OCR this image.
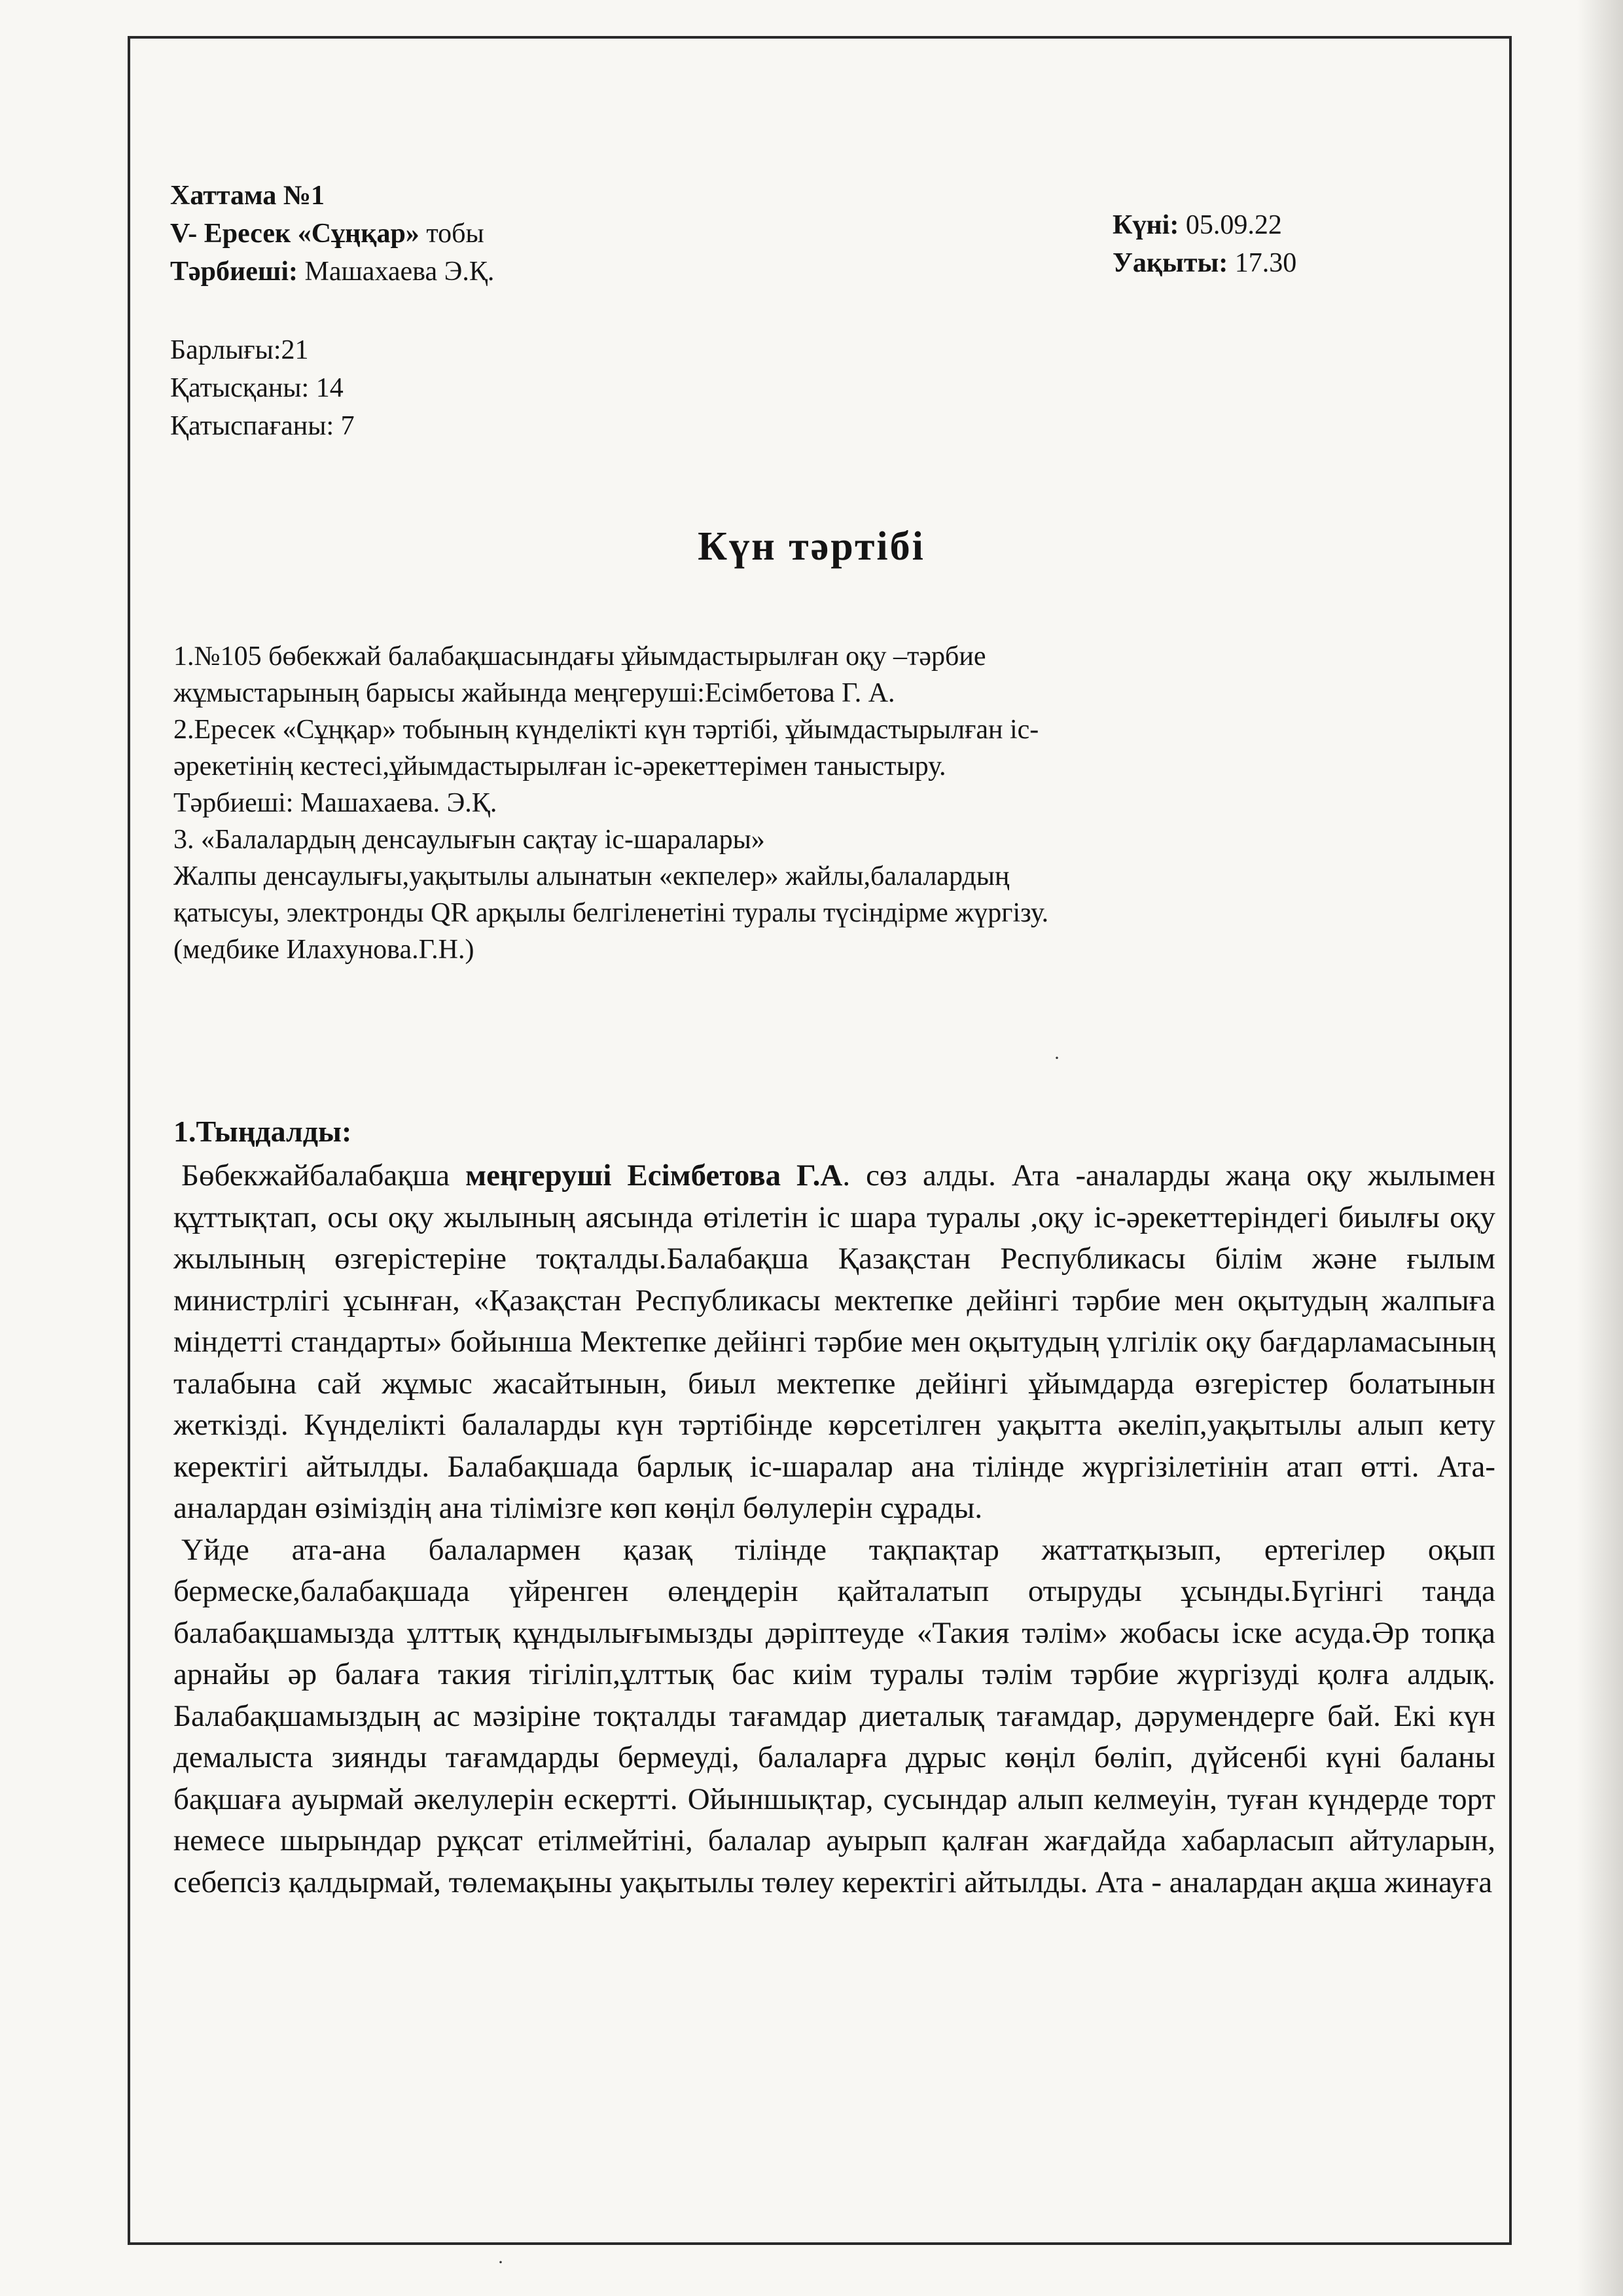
Хаттама №1
V- Ересек «Сұңқар» тобы
Тәрбиеші: Машахаева Э.Қ.
Барлығы:21
Қатысқаны: 14
Қатыспағаны: 7
Күні: 05.09.22
Уақыты: 17.30
Күн тәртібі
1.№105 бөбекжай балабақшасындағы ұйымдастырылған оқу –тәрбие
жұмыстарының барысы жайында меңгеруші:Есімбетова Г. А.
2.Ересек «Сұңқар» тобының күнделікті күн тәртібі, ұйымдастырылған іс-
әрекетінің кестесі,ұйымдастырылған іс-әрекеттерімен таныстыру.
Тәрбиеші: Машахаева. Э.Қ.
3. «Балалардың денсаулығын сақтау іс-шаралары»
Жалпы денсаулығы,уақытылы алынатын «екпелер» жайлы,балалардың
қатысуы, электронды QR арқылы белгіленетіні туралы түсіндірме жүргізу.
(медбике Илахунова.Г.Н.)
1.Тыңдалды:

Бөбекжайбалабақша меңгеруші Есімбетова Г.А. сөз алды. Ата -аналарды жаңа оқу жылымен құттықтап, осы оқу жылының аясында өтілетін іс шара туралы ,оқу іс-әрекеттеріндегі биылғы оқу жылының өзгерістеріне тоқталды.Балабақша Қазақстан Республикасы білім және ғылым министрлігі ұсынған, «Қазақстан Республикасы мектепке дейінгі тәрбие мен оқытудың жалпыға міндетті стандарты» бойынша Мектепке дейінгі тәрбие мен оқытудың үлгілік оқу бағдарламасының талабына сай жұмыс жасайтынын, биыл мектепке дейінгі ұйымдарда өзгерістер болатынын жеткізді. Күнделікті балаларды күн тәртібінде көрсетілген уақытта әкеліп,уақытылы алып кету керектігі айтылды. Балабақшада барлық іс-шаралар ана тілінде жүргізілетінін атап өтті. Ата-аналардан өзіміздің ана тілімізге көп көңіл бөлулерін сұрады.

Үйде ата-ана балалармен қазақ тілінде тақпақтар жаттатқызып, ертегілер оқып бермеске,балабақшада үйренген өлеңдерін қайталатып отыруды ұсынды.Бүгінгі таңда балабақшамызда ұлттық құндылығымызды дәріптеуде «Такия тәлім» жобасы іске асуда.Әр топқа арнайы әр балаға такия тігіліп,ұлттық бас киім туралы тәлім тәрбие жүргізуді қолға алдық. Балабақшамыздың ас мәзіріне тоқталды тағамдар диеталық тағамдар, дәрумендерге бай. Екі күн демалыста зиянды тағамдарды бермеуді, балаларға дұрыс көңіл бөліп, дүйсенбі күні баланы бақшаға ауырмай әкелулерін ескертті. Ойыншықтар, сусындар алып келмеуін, туған күндерде торт немесе шырындар рұқсат етілмейтіні, балалар ауырып қалған жағдайда хабарласып айтуларын, себепсіз қалдырмай, төлемақыны уақытылы төлеу керектігі айтылды. Ата - аналардан ақша жинауға

·
·
